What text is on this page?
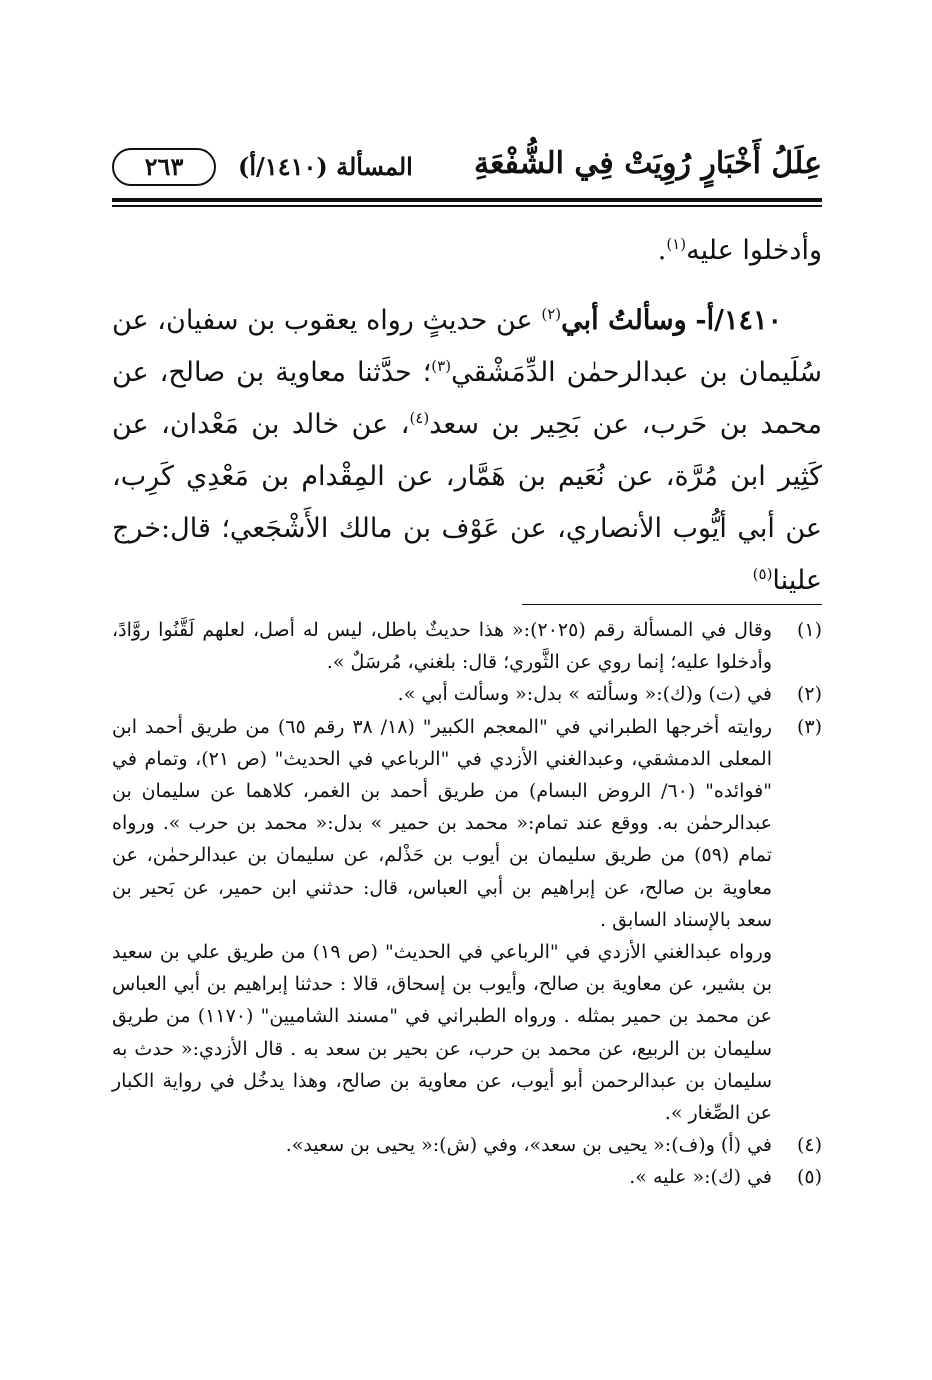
عِلَلُ أَخْبَارٍ رُوِيَتْ فِي الشُّفْعَةِ
المسألة (١٤١٠/أ)
٢٦٣

وأدخلوا عليه$^{(١)}$.

١٤١٠/أ- وسألتُ أبي$^{(٢)}$ عن حديثٍ رواه يعقوب بن سفيان، عن سُلَيمان بن عبدالرحمٰن الدِّمَشْقي$^{(٣)}$؛ حدَّثنا معاوية بن صالح، عن محمد بن حَرب، عن بَحِير بن سعد$^{(٤)}$، عن خالد بن مَعْدان، عن كَثِير ابن مُرَّة، عن نُعَيم بن هَمَّار، عن المِقْدام بن مَعْدِي كَرِب، عن أبي أيُّوب الأنصاري، عن عَوْف بن مالك الأَشْجَعي؛ قال:خرج علينا$^{(٥)}$

(١)

وقال في المسألة رقم (٢٠٢٥):« هذا حديثٌ باطل، ليس له أصل، لعلهم لَقَّنُوا روَّادً، وأدخلوا عليه؛ إنما روي عن الثَّوري؛ قال: بلغني، مُرسَلٌ ».

(٢)

في (ت) و(ك):« وسألته » بدل:« وسألت أبي ».

(٣)

روايته أخرجها الطبراني في "المعجم الكبير" (١٨/ ٣٨ رقم ٦٥) من طريق أحمد ابن المعلى الدمشقي، وعبدالغني الأزدي في "الرباعي في الحديث" (ص ٢١)، وتمام في "فوائده" (٦٠/ الروض البسام) من طريق أحمد بن الغمر، كلاهما عن سليمان بن عبدالرحمٰن به. ووقع عند تمام:« محمد بن حمير » بدل:« محمد بن حرب ». ورواه تمام (٥٩) من طريق سليمان بن أيوب بن حَذْلم، عن سليمان بن عبدالرحمٰن، عن معاوية بن صالح، عن إبراهيم بن أبي العباس، قال: حدثني ابن حمير، عن بَحير بن سعد بالإسناد السابق .

ورواه عبدالغني الأزدي في "الرباعي في الحديث" (ص ١٩) من طريق علي بن سعيد بن بشير، عن معاوية بن صالح، وأيوب بن إسحاق، قالا : حدثنا إبراهيم بن أبي العباس عن محمد بن حمير بمثله . ورواه الطبراني في "مسند الشاميين" (١١٧٠) من طريق سليمان بن الربيع، عن محمد بن حرب، عن بحير بن سعد به . قال الأزدي:« حدث به سليمان بن عبدالرحمن أبو أيوب، عن معاوية بن صالح، وهذا يدخُل في رواية الكبار عن الصِّغار ».

(٤)

في (أ) و(ف):« يحيى بن سعد»، وفي (ش):« يحيى بن سعيد».

(٥)

في (ك):« عليه ».
